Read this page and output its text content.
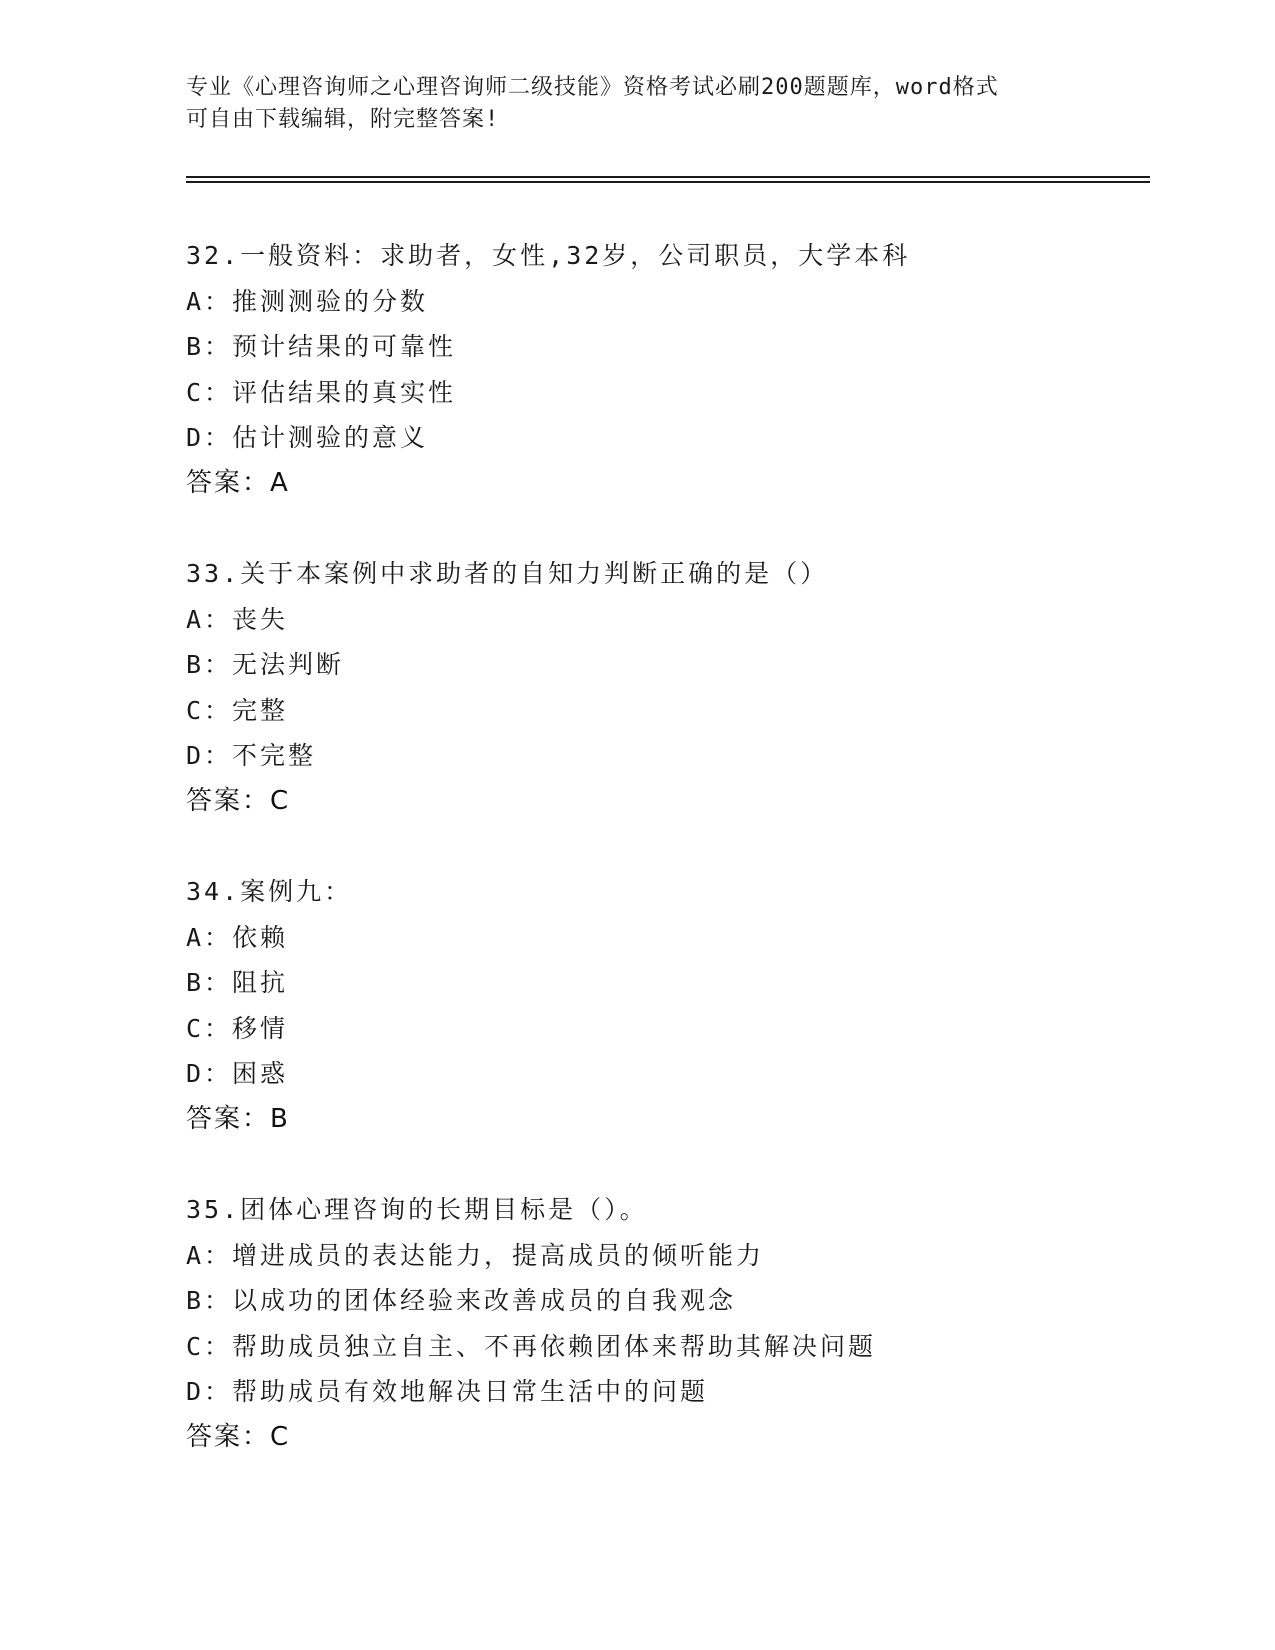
专业《心理咨询师之心理咨询师二级技能》资格考试必刷200题题库，word格式
可自由下载编辑，附完整答案!
32.一般资料：求助者，女性,32岁，公司职员，大学本科
A：推测测验的分数
B：预计结果的可靠性
C：评估结果的真实性
D：估计测验的意义
答案：A
33.关于本案例中求助者的自知力判断正确的是（）
A：丧失
B：无法判断
C：完整
D：不完整
答案：C
34.案例九：
A：依赖
B：阻抗
C：移情
D：困惑
答案：B
35.团体心理咨询的长期目标是（）。
A：增进成员的表达能力，提高成员的倾听能力
B：以成功的团体经验来改善成员的自我观念
C：帮助成员独立自主、不再依赖团体来帮助其解决问题
D：帮助成员有效地解决日常生活中的问题
答案：C
